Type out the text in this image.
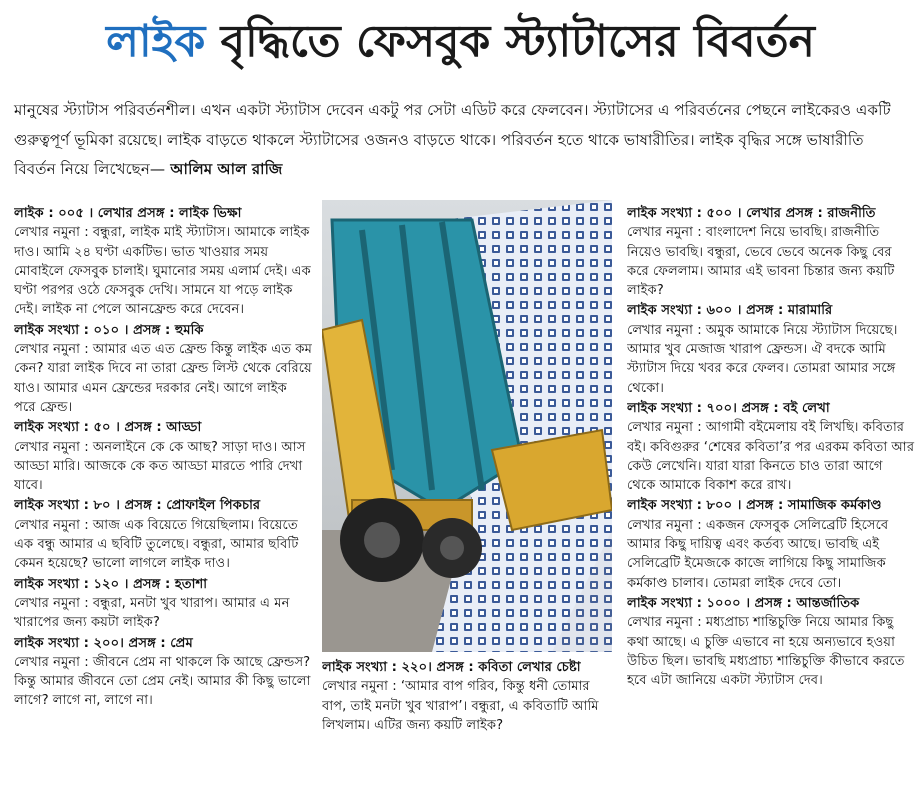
লাইক বৃদ্ধিতে ফেসবুক স্ট্যাটাসের বিবর্তন
মানুষের স্ট্যাটাস পরিবর্তনশীল। এখন একটা স্ট্যাটাস দেবেন একটু পর সেটা এডিট করে ফেলবেন। স্ট্যাটাসের এ পরিবর্তনের পেছনে লাইকেরও একটি গুরুত্বপূর্ণ ভূমিকা রয়েছে। লাইক বাড়তে থাকলে স্ট্যাটাসের ওজনও বাড়তে থাকে। পরিবর্তন হতে থাকে ভাষারীতির। লাইক বৃদ্ধির সঙ্গে ভাষারীতি বিবর্তন নিয়ে লিখেছেন— আলিম আল রাজি

লাইক : ০০৫ । লেখার প্রসঙ্গ : লাইক ভিক্ষা

লেখার নমুনা : বন্ধুরা, লাইক মাই স্ট্যাটাস। আমাকে লাইক দাও। আমি ২৪ ঘণ্টা একটিভ। ভাত খাওয়ার সময় মোবাইলে ফেসবুক চালাই। ঘুমানোর সময় এলার্ম দেই। এক ঘণ্টা পরপর ওঠে ফেসবুক দেখি। সামনে যা পড়ে লাইক দেই। লাইক না পেলে আনফ্রেন্ড করে দেবেন।

লাইক সংখ্যা : ০১০ । প্রসঙ্গ : হুমকি

লেখার নমুনা : আমার এত এত ফ্রেন্ড কিন্তু লাইক এত কম কেন? যারা লাইক দিবে না তারা ফ্রেন্ড লিস্ট থেকে বেরিয়ে যাও। আমার এমন ফ্রেন্ডের দরকার নেই। আগে লাইক পরে ফ্রেন্ড।

লাইক সংখ্যা : ৫০ । প্রসঙ্গ : আড্ডা

লেখার নমুনা : অনলাইনে কে কে আছ? সাড়া দাও। আস আড্ডা মারি। আজকে কে কত আড্ডা মারতে পারি দেখা যাবে।

লাইক সংখ্যা : ৮০ । প্রসঙ্গ : প্রোফাইল পিকচার

লেখার নমুনা : আজ এক বিয়েতে গিয়েছিলাম। বিয়েতে এক বন্ধু আমার এ ছবিটি তুলেছে। বন্ধুরা, আমার ছবিটি কেমন হয়েছে? ভালো লাগলে লাইক দাও।

লাইক সংখ্যা : ১২০ । প্রসঙ্গ : হতাশা

লেখার নমুনা : বন্ধুরা, মনটা খুব খারাপ। আমার এ মন খারাপের জন্য কয়টা লাইক?

লাইক সংখ্যা : ২০০। প্রসঙ্গ : প্রেম

লেখার নমুনা : জীবনে প্রেম না থাকলে কি আছে ফ্রেন্ডস? কিন্তু আমার জীবনে তো প্রেম নেই। আমার কী কিছু ভালো লাগে? লাগে না, লাগে না।

লাইক সংখ্যা : ২২০। প্রসঙ্গ : কবিতা লেখার চেষ্টা

লেখার নমুনা : ‘আমার বাপ গরিব, কিন্তু ধনী তোমার বাপ, তাই মনটা খুব খারাপ’। বন্ধুরা, এ কবিতাটি আমি লিখলাম। এটির জন্য কয়টি লাইক?

লাইক সংখ্যা : ৫০০ । লেখার প্রসঙ্গ : রাজনীতি

লেখার নমুনা : বাংলাদেশ নিয়ে ভাবছি। রাজনীতি নিয়েও ভাবছি। বন্ধুরা, ভেবে ভেবে অনেক কিছু বের করে ফেললাম। আমার এই ভাবনা চিন্তার জন্য কয়টি লাইক?

লাইক সংখ্যা : ৬০০ । প্রসঙ্গ : মারামারি

লেখার নমুনা : অমুক আমাকে নিয়ে স্ট্যাটাস দিয়েছে। আমার খুব মেজাজ খারাপ ফ্রেন্ডস। ঐ বদকে আমি স্ট্যাটাস দিয়ে খবর করে ফেলব। তোমরা আমার সঙ্গে থেকো।

লাইক সংখ্যা : ৭০০। প্রসঙ্গ : বই লেখা

লেখার নমুনা : আগামী বইমেলায় বই লিখছি। কবিতার বই। কবিগুরুর ‘শেষের কবিতা’র পর এরকম কবিতা আর কেউ লেখেনি। যারা যারা কিনতে চাও তারা আগে থেকে আমাকে বিকাশ করে রাখ।

লাইক সংখ্যা : ৮০০ । প্রসঙ্গ : সামাজিক কর্মকাণ্ড

লেখার নমুনা : একজন ফেসবুক সেলিব্রেটি হিসেবে আমার কিছু দায়িত্ব এবং কর্তব্য আছে। ভাবছি এই সেলিব্রেটি ইমেজকে কাজে লাগিয়ে কিছু সামাজিক কর্মকাণ্ড চালাব। তোমরা লাইক দেবে তো।

লাইক সংখ্যা : ১০০০ । প্রসঙ্গ : আন্তর্জাতিক

লেখার নমুনা : মধ্যপ্রাচ্য শান্তিচুক্তি নিয়ে আমার কিছু কথা আছে। এ চুক্তি এভাবে না হয়ে অন্যভাবে হওয়া উচিত ছিল। ভাবছি মধ্যপ্রাচ্য শান্তিচুক্তি কীভাবে করতে হবে এটা জানিয়ে একটা স্ট্যাটাস দেব।
